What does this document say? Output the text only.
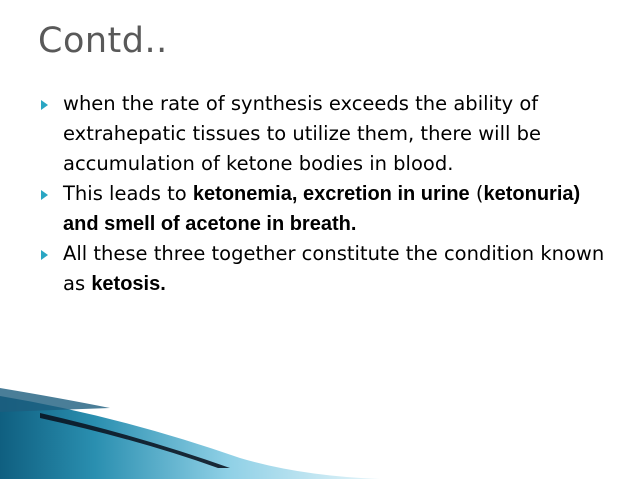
Contd..
when the rate of synthesis exceeds the ability of extrahepatic tissues to utilize them, there will be accumulation of ketone bodies in blood.
This leads to ketonemia, excretion in urine (ketonuria) and smell of acetone in breath.
All these three together constitute the condition known as ketosis.
